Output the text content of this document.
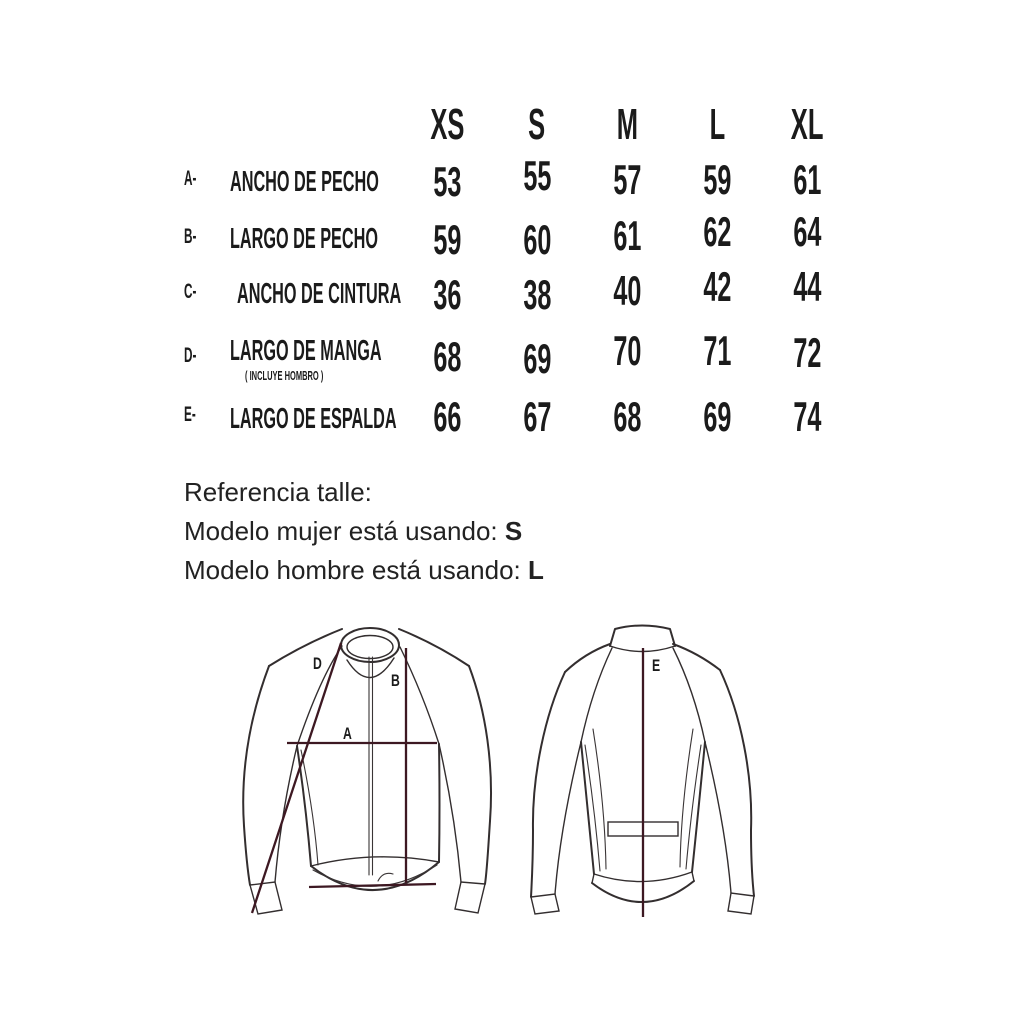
XS S M L XL
A- ANCHO DE PECHO 53 55 57 59 61
B- LARGO DE PECHO 59 60 61 62 64
C- ANCHO DE CINTURA 36 38 40 42 44
D- LARGO DE MANGA
( INCLUYE HOMBRO )	68 69 70 71 72
E- LARGO DE ESPALDA 66 67 68 69 74

Referencia talle:

Modelo mujer está usando: S

Modelo hombre está usando: L

D
B
A
E
